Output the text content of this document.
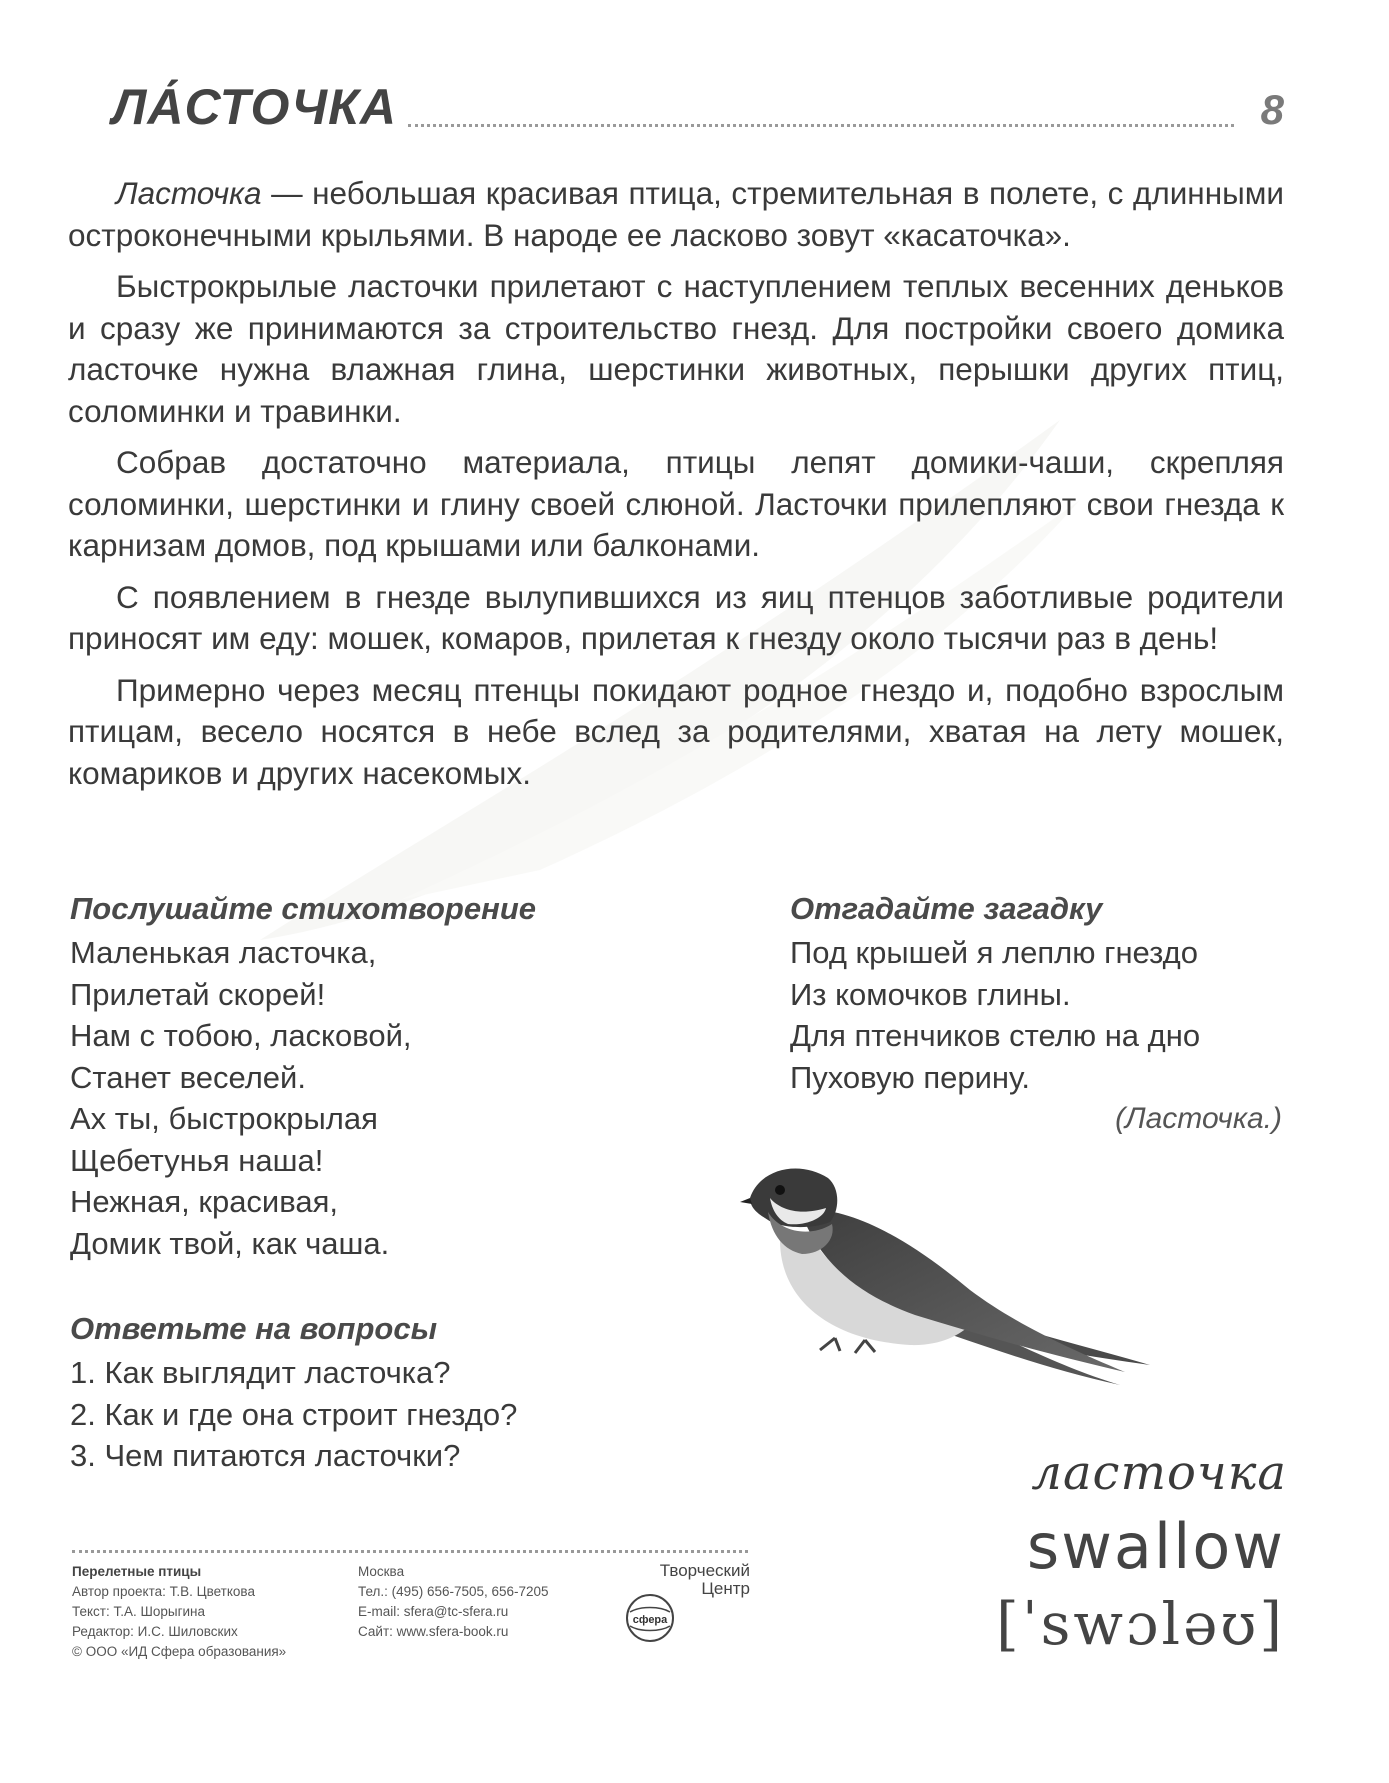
ЛА́СТОЧКА	8

Ласточка — небольшая красивая птица, стремительная в полете, с длинными остроконечными крыльями. В народе ее ласково зовут «касаточка».

Быстрокрылые ласточки прилетают с наступлением теплых весенних деньков и сразу же принимаются за строительство гнезд. Для постройки своего домика ласточке нужна влажная глина, шерстинки животных, перышки других птиц, соломинки и травинки.

Собрав достаточно материала, птицы лепят домики-чаши, скрепляя соломинки, шерстинки и глину своей слюной. Ласточки прилепляют свои гнезда к карнизам домов, под крышами или балконами.

С появлением в гнезде вылупившихся из яиц птенцов заботливые родители приносят им еду: мошек, комаров, прилетая к гнезду около тысячи раз в день!

Примерно через месяц птенцы покидают родное гнездо и, подобно взрослым птицам, весело носятся в небе вслед за родителями, хватая на лету мошек, комариков и других насекомых.

Послушайте стихотворение
Маленькая ласточка,
Прилетай скорей!
Нам с тобою, ласковой,
Станет веселей.
Ах ты, быстрокрылая
Щебетунья наша!
Нежная, красивая,
Домик твой, как чаша.
Отгадайте загадку
Под крышей я леплю гнездо
Из комочков глины.
Для птенчиков стелю на дно
Пуховую перину.
(Ласточка.)
Ответьте на вопросы
1. Как выглядит ласточка?
2. Как и где она строит гнездо?
3. Чем питаются ласточки?	ласточка
swallow
[ˈswɔləʊ]
Перелетные птицы
Автор проекта: Т.В. Цветкова
Текст: Т.А. Шорыгина
Редактор: И.С. Шиловских
© ООО «ИД Сфера образования»
Москва
Тел.: (495) 656-7505, 656-7205
E-mail: sfera@tc-sfera.ru
Сайт: www.sfera-book.ru
Творческий
Центр
сфера
